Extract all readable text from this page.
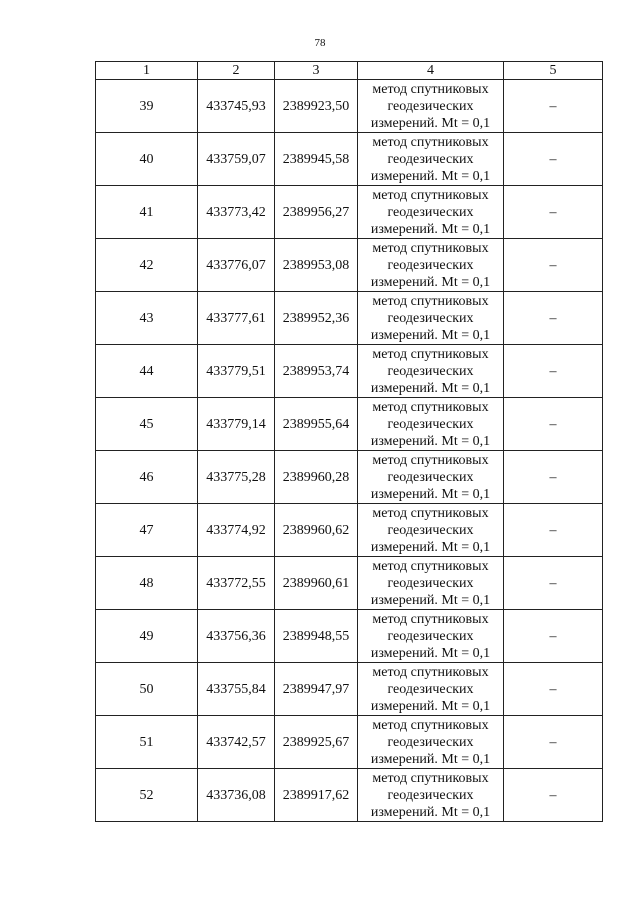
78
1	2	3	4	5
39	433745,93	2389923,50	метод спутниковых
геодезических
измерений. Mt = 0,1	–
40	433759,07	2389945,58	метод спутниковых
геодезических
измерений. Mt = 0,1	–
41	433773,42	2389956,27	метод спутниковых
геодезических
измерений. Mt = 0,1	–
42	433776,07	2389953,08	метод спутниковых
геодезических
измерений. Mt = 0,1	–
43	433777,61	2389952,36	метод спутниковых
геодезических
измерений. Mt = 0,1	–
44	433779,51	2389953,74	метод спутниковых
геодезических
измерений. Mt = 0,1	–
45	433779,14	2389955,64	метод спутниковых
геодезических
измерений. Mt = 0,1	–
46	433775,28	2389960,28	метод спутниковых
геодезических
измерений. Mt = 0,1	–
47	433774,92	2389960,62	метод спутниковых
геодезических
измерений. Mt = 0,1	–
48	433772,55	2389960,61	метод спутниковых
геодезических
измерений. Mt = 0,1	–
49	433756,36	2389948,55	метод спутниковых
геодезических
измерений. Mt = 0,1	–
50	433755,84	2389947,97	метод спутниковых
геодезических
измерений. Mt = 0,1	–
51	433742,57	2389925,67	метод спутниковых
геодезических
измерений. Mt = 0,1	–
52	433736,08	2389917,62	метод спутниковых
геодезических
измерений. Mt = 0,1	–
